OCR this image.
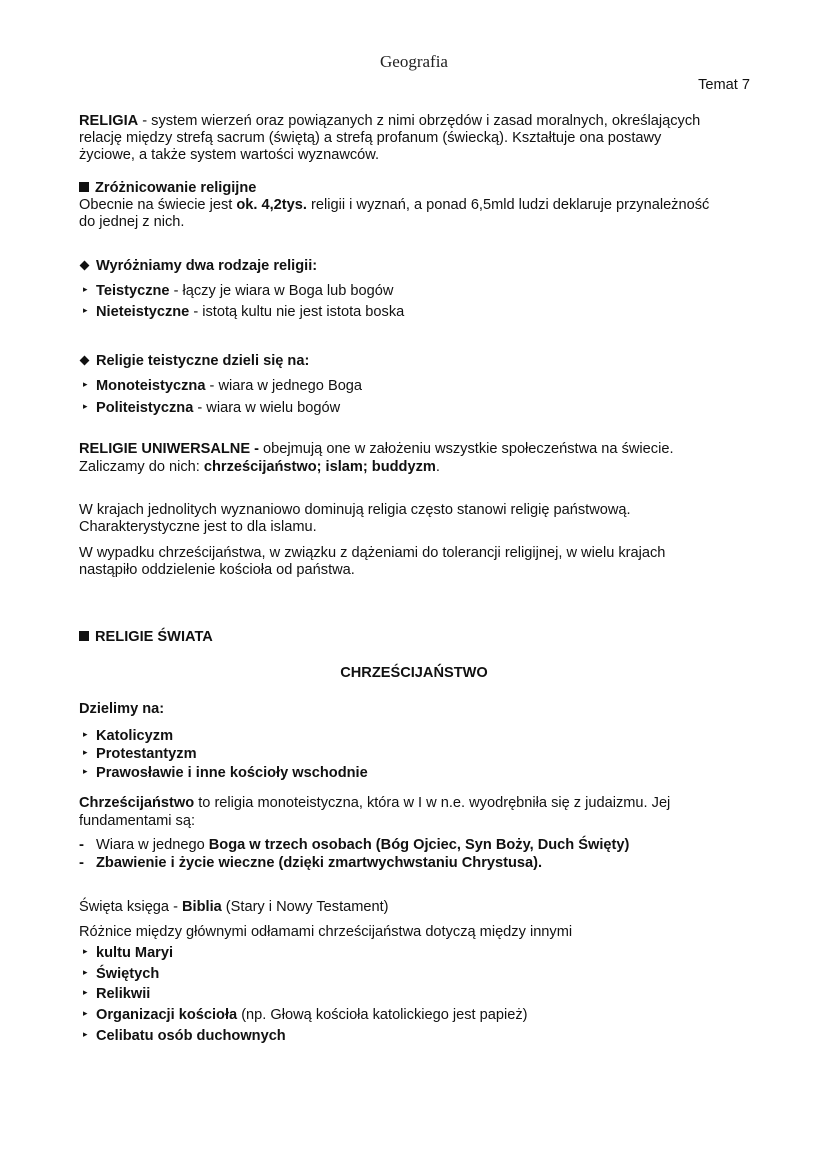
Geografia
Temat 7
RELIGIA - system wierzeń oraz powiązanych z nimi obrzędów i zasad moralnych, określających
relację między strefą sacrum (świętą) a strefą profanum (świecką). Kształtuje ona postawy
życiowe, a także system wartości wyznawców.
Zróżnicowanie religijne
Obecnie na świecie jest ok. 4,2tys. religii i wyznań, a ponad 6,5mld ludzi deklaruje przynależność
do jednej z nich.
Wyróżniamy dwa rodzaje religii:
▸ Teistyczne - łączy je wiara w Boga lub bogów
▸ Nieteistyczne - istotą kultu nie jest istota boska
Religie teistyczne dzieli się na:
▸ Monoteistyczna - wiara w jednego Boga
▸ Politeistyczna - wiara w wielu bogów
RELIGIE UNIWERSALNE - obejmują one w założeniu wszystkie społeczeństwa na świecie.
Zaliczamy do nich: chrześcijaństwo; islam; buddyzm.
W krajach jednolitych wyznaniowo dominują religia często stanowi religię państwową.
Charakterystyczne jest to dla islamu.
W wypadku chrześcijaństwa, w związku z dążeniami do tolerancji religijnej, w wielu krajach
nastąpiło oddzielenie kościoła od państwa.
RELIGIE ŚWIATA
CHRZEŚCIJAŃSTWO
Dzielimy na:
▸ Katolicyzm
▸ Protestantyzm
▸ Prawosławie i inne kościoły wschodnie
Chrześcijaństwo to religia monoteistyczna, która w I w n.e. wyodrębniła się z judaizmu. Jej
fundamentami są:
- Wiara w jednego Boga w trzech osobach (Bóg Ojciec, Syn Boży, Duch Święty)
- Zbawienie i życie wieczne (dzięki zmartwychwstaniu Chrystusa).
Święta księga - Biblia (Stary i Nowy Testament)
Różnice między głównymi odłamami chrześcijaństwa dotyczą między innymi
▸ kultu Maryi
▸ Świętych
▸ Relikwii
▸ Organizacji kościoła (np. Głową kościoła katolickiego jest papież)
▸ Celibatu osób duchownych
